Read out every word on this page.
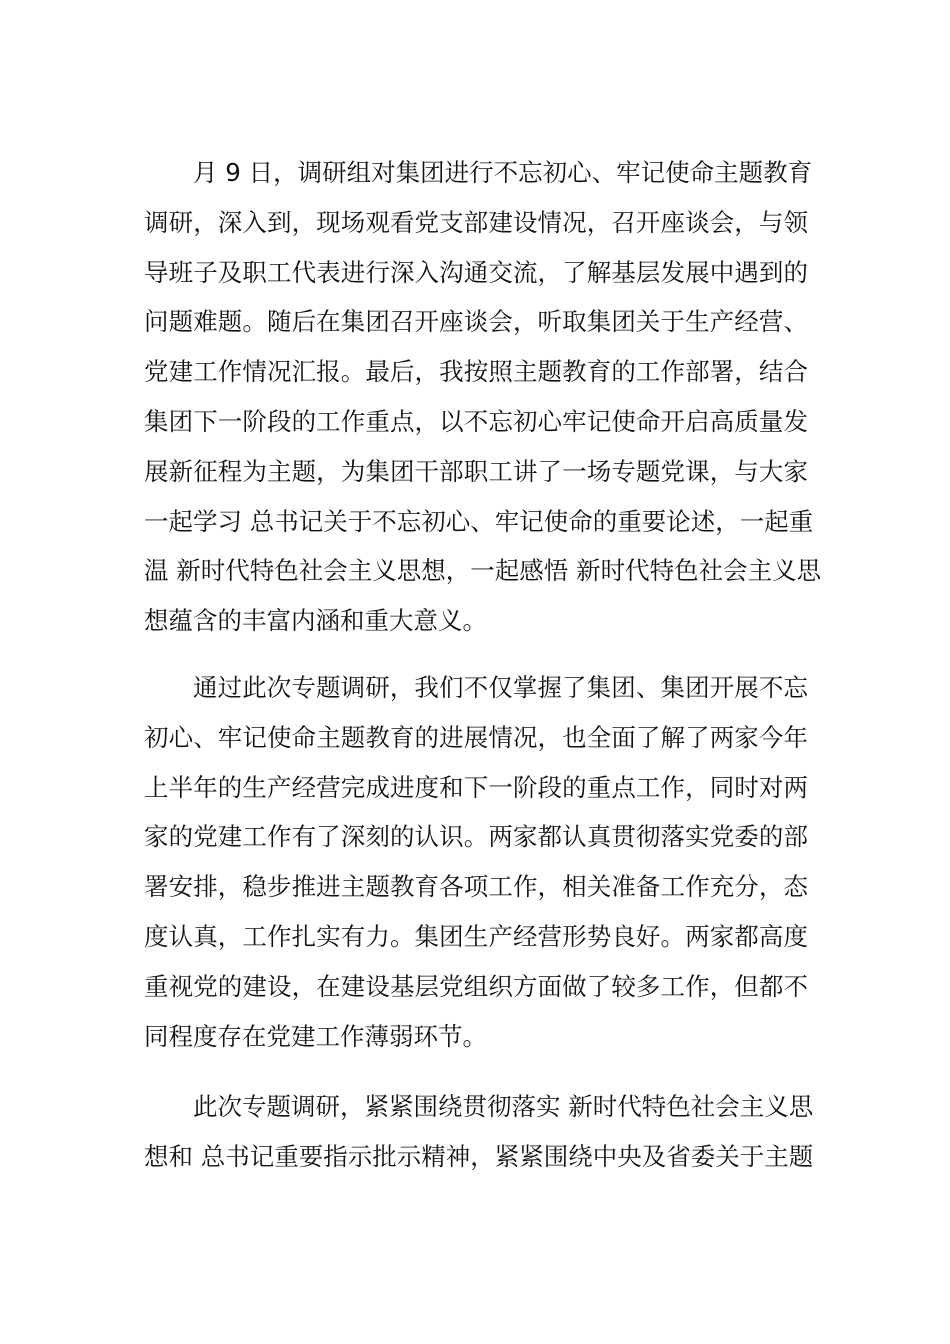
月 9 日，调研组对集团进行不忘初心、牢记使命主题教育
调研，深入到，现场观看党支部建设情况，召开座谈会，与领
导班子及职工代表进行深入沟通交流，了解基层发展中遇到的
问题难题。随后在集团召开座谈会，听取集团关于生产经营、
党建工作情况汇报。最后，我按照主题教育的工作部署，结合
集团下一阶段的工作重点，以不忘初心牢记使命开启高质量发
展新征程为主题，为集团干部职工讲了一场专题党课，与大家
一起学习 总书记关于不忘初心、牢记使命的重要论述，一起重
温 新时代特色社会主义思想，一起感悟 新时代特色社会主义思
想蕴含的丰富内涵和重大意义。
通过此次专题调研，我们不仅掌握了集团、集团开展不忘
初心、牢记使命主题教育的进展情况，也全面了解了两家今年
上半年的生产经营完成进度和下一阶段的重点工作，同时对两
家的党建工作有了深刻的认识。两家都认真贯彻落实党委的部
署安排，稳步推进主题教育各项工作，相关准备工作充分，态
度认真，工作扎实有力。集团生产经营形势良好。两家都高度
重视党的建设，在建设基层党组织方面做了较多工作，但都不
同程度存在党建工作薄弱环节。
此次专题调研，紧紧围绕贯彻落实 新时代特色社会主义思
想和 总书记重要指示批示精神，紧紧围绕中央及省委关于主题
